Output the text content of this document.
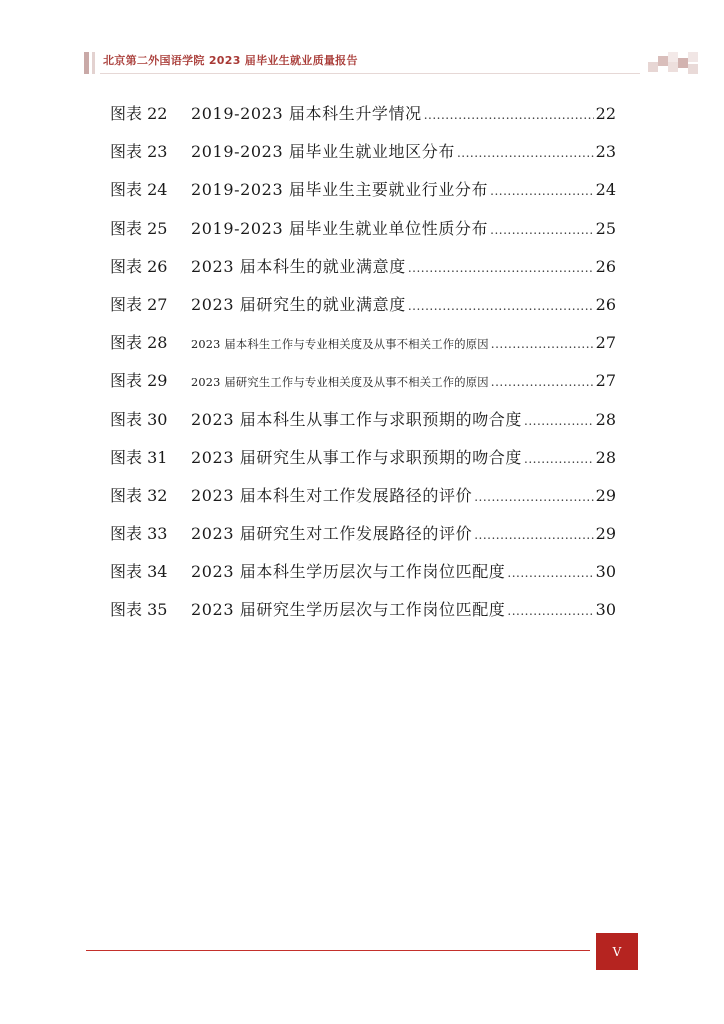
北京第二外国语学院 2023 届毕业生就业质量报告
图表 22	2019-2023 届本科生升学情况 .....	22
图表 23	2019-2023 届毕业生就业地区分布 .....	23
图表 24	2019-2023 届毕业生主要就业行业分布 .....	24
图表 25	2019-2023 届毕业生就业单位性质分布 .....	25
图表 26	2023 届本科生的就业满意度 .....	26
图表 27	2023 届研究生的就业满意度 .....	26
图表 28	2023 届本科生工作与专业相关度及从事不相关工作的原因 .....	27
图表 29	2023 届研究生工作与专业相关度及从事不相关工作的原因 .....	27
图表 30	2023 届本科生从事工作与求职预期的吻合度 .....	28
图表 31	2023 届研究生从事工作与求职预期的吻合度 .....	28
图表 32	2023 届本科生对工作发展路径的评价 .....	29
图表 33	2023 届研究生对工作发展路径的评价 .....	29
图表 34	2023 届本科生学历层次与工作岗位匹配度 .....	30
图表 35	2023 届研究生学历层次与工作岗位匹配度 .....	30
V
